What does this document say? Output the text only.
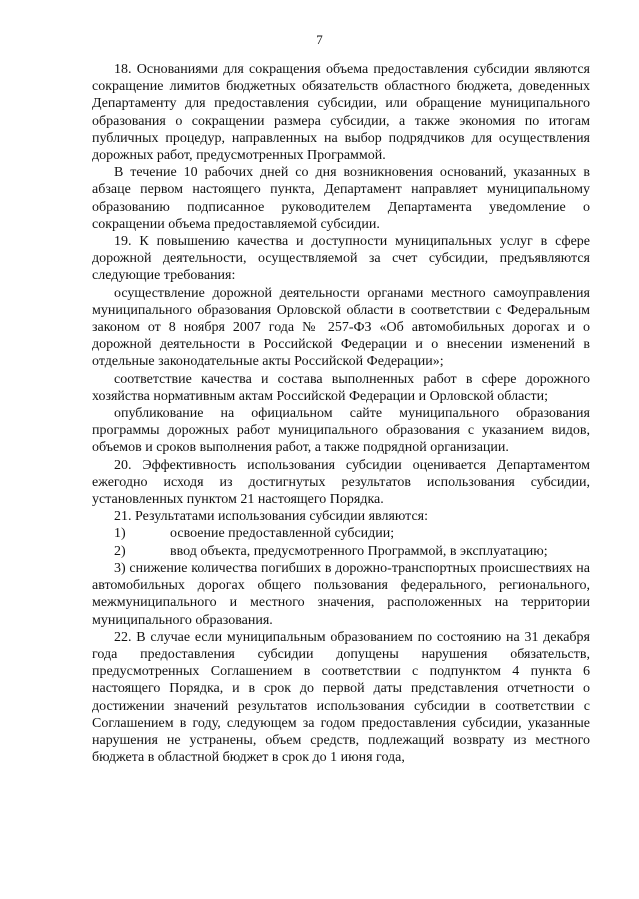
7

18. Основаниями для сокращения объема предоставления субсидии являются сокращение лимитов бюджетных обязательств областного бюджета, доведенных Департаменту для предоставления субсидии, или обращение муниципального образования о сокращении размера субсидии, а также экономия по итогам публичных процедур, направленных на выбор подрядчиков для осуществления дорожных работ, предусмотренных Программой.

В течение 10 рабочих дней со дня возникновения оснований, указанных в абзаце первом настоящего пункта, Департамент направляет муниципальному образованию подписанное руководителем Департамента уведомление о сокращении объема предоставляемой субсидии.

19. К повышению качества и доступности муниципальных услуг в сфере дорожной деятельности, осуществляемой за счет субсидии, предъявляются следующие требования:

осуществление дорожной деятельности органами местного самоуправления муниципального образования Орловской области в соответствии с Федеральным законом от 8 ноября 2007 года № 257-ФЗ «Об автомобильных дорогах и о дорожной деятельности в Российской Федерации и о внесении изменений в отдельные законодательные акты Российской Федерации»;

соответствие качества и состава выполненных работ в сфере дорожного хозяйства нормативным актам Российской Федерации и Орловской области;

опубликование на официальном сайте муниципального образования программы дорожных работ муниципального образования с указанием видов, объемов и сроков выполнения работ, а также подрядной организации.

20. Эффективность использования субсидии оценивается Департаментом ежегодно исходя из достигнутых результатов использования субсидии, установленных пунктом 21 настоящего Порядка.

21. Результатами использования субсидии являются:

1)	освоение предоставленной субсидии;
2)	ввод объекта, предусмотренного Программой, в эксплуатацию;

3) снижение количества погибших в дорожно-транспортных происшествиях на автомобильных дорогах общего пользования федерального, регионального, межмуниципального и местного значения, расположенных на территории муниципального образования.

22. В случае если муниципальным образованием по состоянию на 31 декабря года предоставления субсидии допущены нарушения обязательств, предусмотренных Соглашением в соответствии с подпунктом 4 пункта 6 настоящего Порядка, и в срок до первой даты представления отчетности о достижении значений результатов использования субсидии в соответствии с Соглашением в году, следующем за годом предоставления субсидии, указанные нарушения не устранены, объем средств, подлежащий возврату из местного бюджета в областной бюджет в срок до 1 июня года,
